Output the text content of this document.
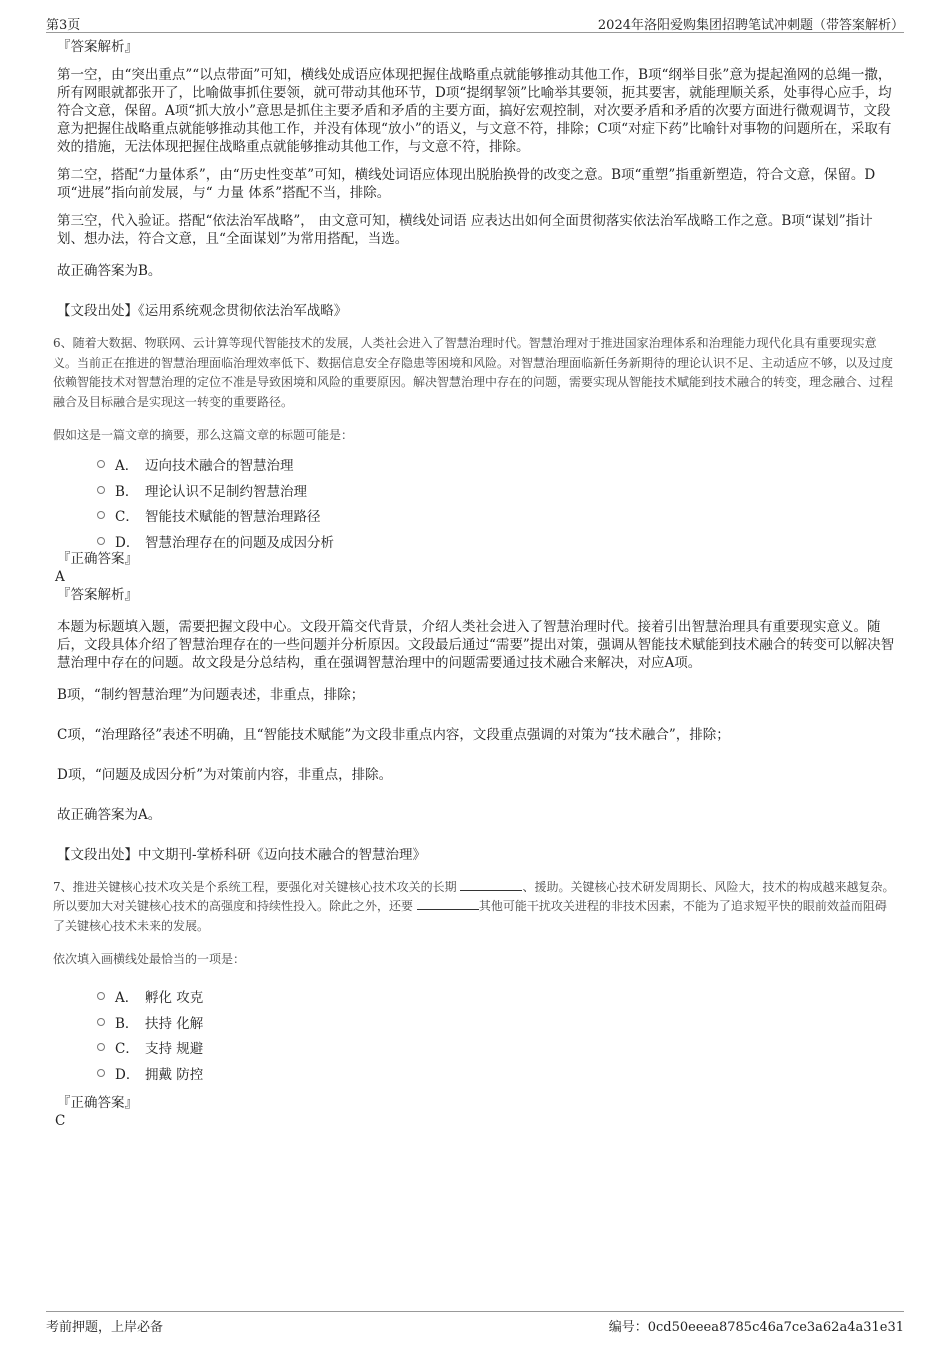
第3页	2024年洛阳爱购集团招聘笔试冲刺题（带答案解析）

『答案解析』

第一空，由“突出重点”“以点带面”可知，横线处成语应体现把握住战略重点就能够推动其他工作，B项“纲举目张”意为提起渔网的总绳一撒，所有网眼就都张开了，比喻做事抓住要领，就可带动其他环节，D项“提纲挈领”比喻举其要领，扼其要害，就能理顺关系，处事得心应手，均符合文意，保留。A项“抓大放小”意思是抓住主要矛盾和矛盾的主要方面，搞好宏观控制，对次要矛盾和矛盾的次要方面进行微观调节，文段意为把握住战略重点就能够推动其他工作，并没有体现“放小”的语义，与文意不符，排除；C项“对症下药”比喻针对事物的问题所在，采取有效的措施，无法体现把握住战略重点就能够推动其他工作，与文意不符，排除。

第二空，搭配“力量体系”，由“历史性变革”可知，横线处词语应体现出脱胎换骨的改变之意。B项“重塑”指重新塑造，符合文意，保留。D项“进展”指向前发展，与“ 力量 体系”搭配不当，排除。

第三空，代入验证。搭配“依法治军战略”， 由文意可知，横线处词语 应表达出如何全面贯彻落实依法治军战略工作之意。B项“谋划”指计划、想办法，符合文意，且“全面谋划”为常用搭配，当选。

故正确答案为B。

【文段出处】《运用系统观念贯彻依法治军战略》

6、随着大数据、物联网、云计算等现代智能技术的发展，人类社会进入了智慧治理时代。智慧治理对于推进国家治理体系和治理能力现代化具有重要现实意义。当前正在推进的智慧治理面临治理效率低下、数据信息安全存隐患等困境和风险。对智慧治理面临新任务新期待的理论认识不足、主动适应不够，以及过度依赖智能技术对智慧治理的定位不准是导致困境和风险的重要原因。解决智慧治理中存在的问题，需要实现从智能技术赋能到技术融合的转变，理念融合、过程融合及目标融合是实现这一转变的重要路径。

假如这是一篇文章的摘要，那么这篇文章的标题可能是：

A． 迈向技术融合的智慧治理
B． 理论认识不足制约智慧治理
C． 智能技术赋能的智慧治理路径
D． 智慧治理存在的问题及成因分析

『正确答案』

A

『答案解析』

本题为标题填入题，需要把握文段中心。文段开篇交代背景，介绍人类社会进入了智慧治理时代。接着引出智慧治理具有重要现实意义。随后，文段具体介绍了智慧治理存在的一些问题并分析原因。文段最后通过“需要”提出对策，强调从智能技术赋能到技术融合的转变可以解决智慧治理中存在的问题。故文段是分总结构，重在强调智慧治理中的问题需要通过技术融合来解决，对应A项。

B项，“制约智慧治理”为问题表述，非重点，排除；

C项，“治理路径”表述不明确，且“智能技术赋能”为文段非重点内容，文段重点强调的对策为“技术融合”，排除；

D项，“问题及成因分析”为对策前内容，非重点，排除。

故正确答案为A。

【文段出处】中文期刊-掌桥科研《迈向技术融合的智慧治理》

7、推进关键核心技术攻关是个系统工程，要强化对关键核心技术攻关的长期	、援助。关键核心技术研发周期长、风险大，技术的构成越来越复杂。所以要加大对关键核心技术的高强度和持续性投入。除此之外，还要	其他可能干扰攻关进程的非技术因素，不能为了追求短平快的眼前效益而阻碍了关键核心技术未来的发展。

依次填入画横线处最恰当的一项是：

A． 孵化 攻克
B． 扶持 化解
C． 支持 规避
D． 拥戴 防控

『正确答案』

C

考前押题，上岸必备	编号：0cd50eeea8785c46a7ce3a62a4a31e31
